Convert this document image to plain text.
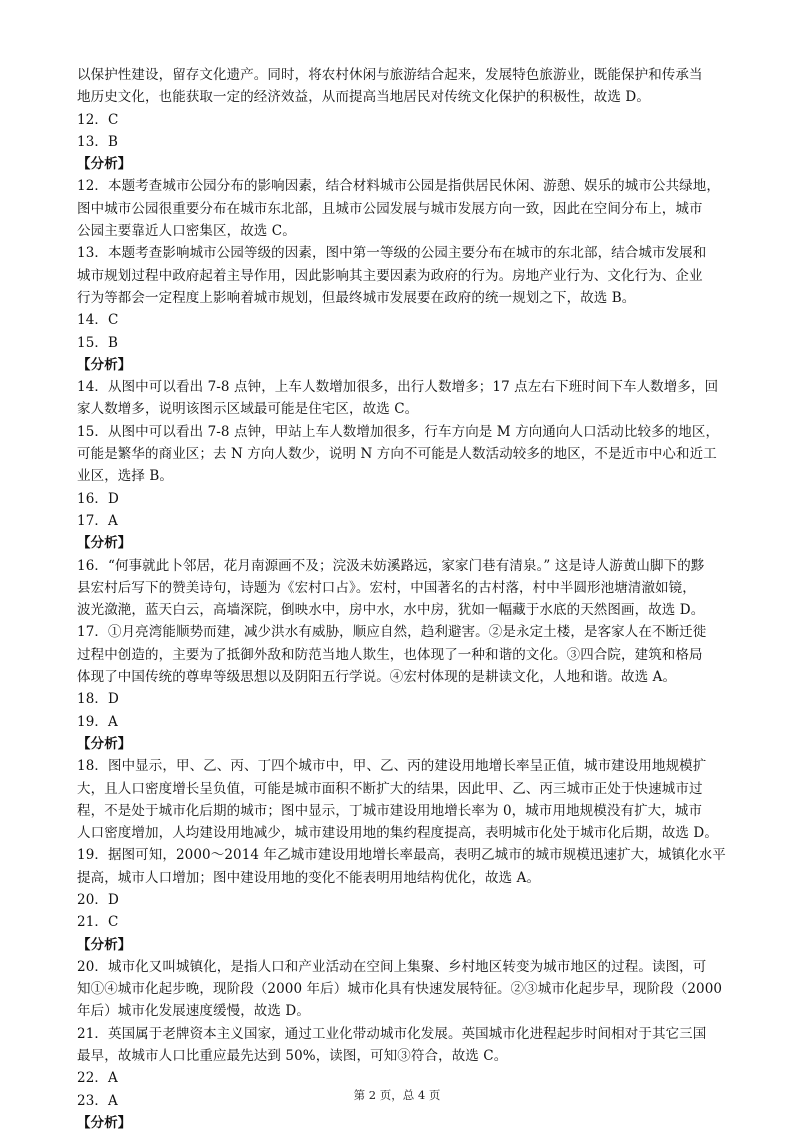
以保护性建设，留存文化遗产。同时，将农村休闲与旅游结合起来，发展特色旅游业，既能保护和传承当
地历史文化，也能获取一定的经济效益，从而提高当地居民对传统文化保护的积极性，故选 D。
12．C
13．B
【分析】
12．本题考查城市公园分布的影响因素，结合材料城市公园是指供居民休闲、游憩、娱乐的城市公共绿地，
图中城市公园很重要分布在城市东北部，且城市公园发展与城市发展方向一致，因此在空间分布上，城市
公园主要靠近人口密集区，故选 C。
13．本题考查影响城市公园等级的因素，图中第一等级的公园主要分布在城市的东北部，结合城市发展和
城市规划过程中政府起着主导作用，因此影响其主要因素为政府的行为。房地产业行为、文化行为、企业
行为等都会一定程度上影响着城市规划，但最终城市发展要在政府的统一规划之下，故选 B。
14．C
15．B
【分析】
14．从图中可以看出 7-8 点钟，上车人数增加很多，出行人数增多；17 点左右下班时间下车人数增多，回
家人数增多，说明该图示区域最可能是住宅区，故选 C。
15．从图中可以看出 7-8 点钟，甲站上车人数增加很多，行车方向是 M 方向通向人口活动比较多的地区，
可能是繁华的商业区；去 N 方向人数少，说明 N 方向不可能是人数活动较多的地区，不是近市中心和近工
业区，选择 B。
16．D
17．A
【分析】
16．“何事就此卜邻居，花月南源画不及；浣汲未妨溪路远，家家门巷有清泉。” 这是诗人游黄山脚下的黟
县宏村后写下的赞美诗句，诗题为《宏村口占》。宏村，中国著名的古村落，村中半圆形池塘清澈如镜，
波光潋滟，蓝天白云，高墙深院，倒映水中，房中水，水中房，犹如一幅藏于水底的天然图画，故选 D。
17．①月亮湾能顺势而建，减少洪水有威胁，顺应自然，趋利避害。②是永定土楼，是客家人在不断迁徙
过程中创造的，主要为了抵御外敌和防范当地人欺生，也体现了一种和谐的文化。③四合院，建筑和格局
体现了中国传统的尊卑等级思想以及阴阳五行学说。④宏村体现的是耕读文化，人地和谐。故选 A。
18．D
19．A
【分析】
18．图中显示，甲、乙、丙、丁四个城市中，甲、乙、丙的建设用地增长率呈正值，城市建设用地规模扩
大，且人口密度增长呈负值，可能是城市面积不断扩大的结果，因此甲、乙、丙三城市正处于快速城市过
程，不是处于城市化后期的城市；图中显示，丁城市建设用地增长率为 0，城市用地规模没有扩大，城市
人口密度增加，人均建设用地减少，城市建设用地的集约程度提高，表明城市化处于城市化后期，故选 D。
19．据图可知，2000～2014 年乙城市建设用地增长率最高，表明乙城市的城市规模迅速扩大，城镇化水平
提高，城市人口增加；图中建设用地的变化不能表明用地结构优化，故选 A。
20．D
21．C
【分析】
20．城市化又叫城镇化，是指人口和产业活动在空间上集聚、乡村地区转变为城市地区的过程。读图，可
知①④城市化起步晚，现阶段（2000 年后）城市化具有快速发展特征。②③城市化起步早，现阶段（2000
年后）城市化发展速度缓慢，故选 D。
21．英国属于老牌资本主义国家，通过工业化带动城市化发展。英国城市化进程起步时间相对于其它三国
最早，故城市人口比重应最先达到 50%，读图，可知③符合，故选 C。
22．A
23．A
【分析】
第 2 页，总 4 页
